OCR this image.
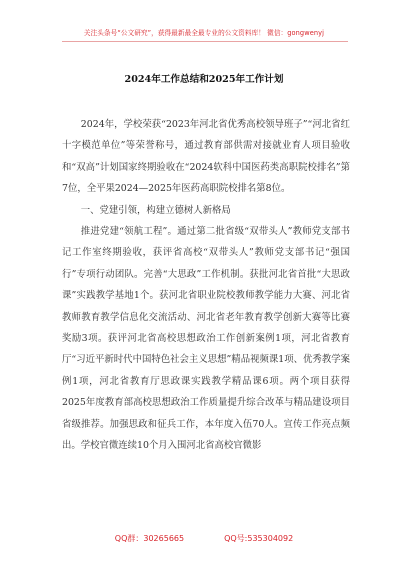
关注头条号“公文研究”，获得最新最全最专业的公文资料库！ 微信：gongwenyj
2024年工作总结和2025年工作计划

2024年，学校荣获“2023年河北省优秀高校领导班子”“河北省红十字模范单位”等荣誉称号，通过教育部供需对接就业育人项目验收和“双高”计划国家终期验收在“2024软科中国医药类高职院校排名”第7位，全平果2024—2025年医药高职院校排名第8位。

一、党建引领，构建立德树人新格局

推进党建“领航工程”。通过第二批省级“双带头人”教师党支部书记工作室终期验收，获评省高校“双带头人”教师党支部书记“强国行”专项行动团队。完善“大思政”工作机制。获批河北省首批“大思政课”实践教学基地1个。获河北省职业院校教师教学能力大赛、河北省教师教育教学信息化交流活动、河北省老年教育教学创新大赛等比赛奖励3项。获评河北省高校思想政治工作创新案例1项，河北省教育厅“习近平新时代中国特色社会主义思想”精品视频课1项、优秀教学案例1项，河北省教育厅思政课实践教学精品课6项。两个项目获得2025年度教育部高校思想政治工作质量提升综合改革与精品建设项目省级推荐。加强思政和征兵工作，本年度入伍70人。宣传工作亮点频出。学校官微连续10个月入围河北省高校官微影

QQ群：30265665	QQ号:535304092
